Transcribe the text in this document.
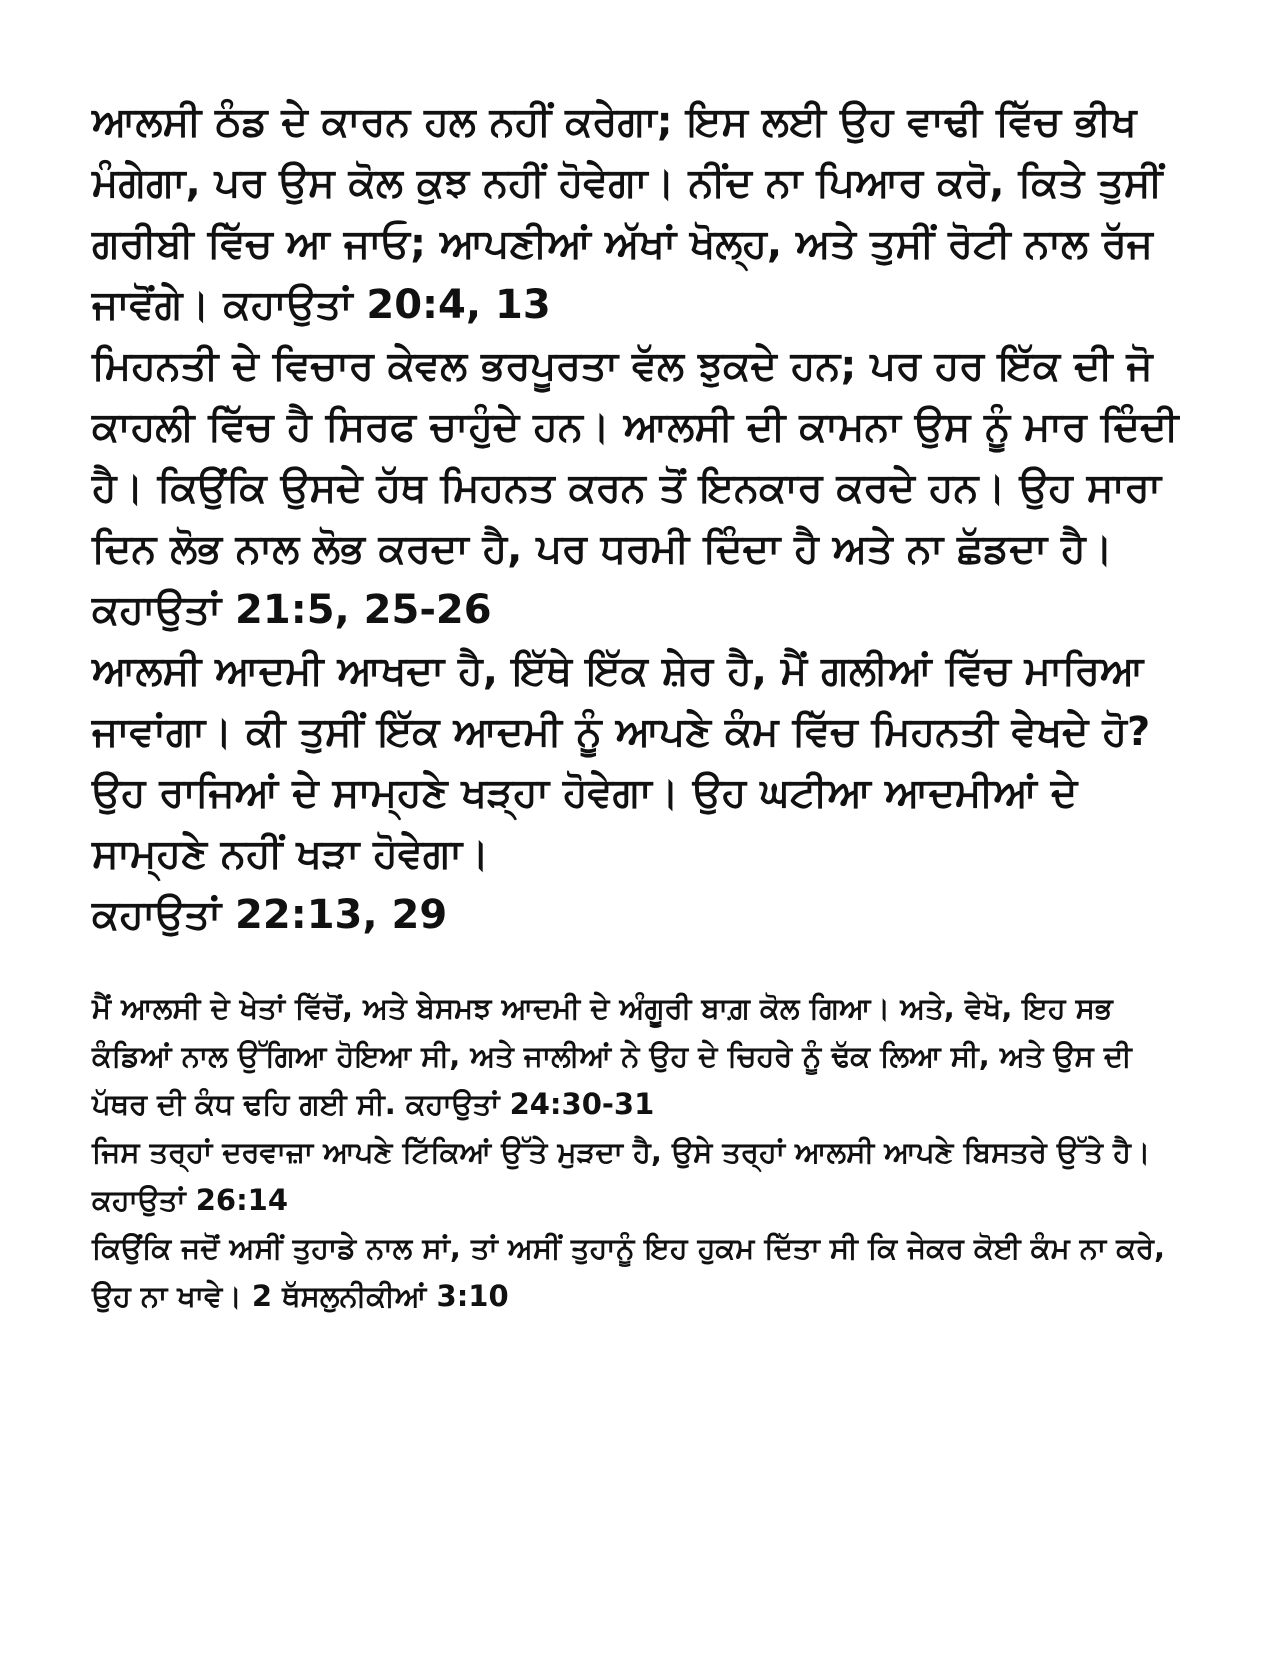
ਆਲਸੀ ਠੰਡ ਦੇ ਕਾਰਨ ਹਲ ਨਹੀਂ ਕਰੇਗਾ; ਇਸ ਲਈ ਉਹ ਵਾਢੀ ਵਿੱਚ ਭੀਖ ਮੰਗੇਗਾ, ਪਰ ਉਸ ਕੋਲ ਕੁਝ ਨਹੀਂ ਹੋਵੇਗਾ। ਨੀਂਦ ਨਾ ਪਿਆਰ ਕਰੋ, ਕਿਤੇ ਤੁਸੀਂ ਗਰੀਬੀ ਵਿੱਚ ਆ ਜਾਓ; ਆਪਣੀਆਂ ਅੱਖਾਂ ਖੋਲ੍ਹ, ਅਤੇ ਤੁਸੀਂ ਰੋਟੀ ਨਾਲ ਰੱਜ ਜਾਵੋਂਗੇ। ਕਹਾਉਤਾਂ 20:4, 13

ਮਿਹਨਤੀ ਦੇ ਵਿਚਾਰ ਕੇਵਲ ਭਰਪੂਰਤਾ ਵੱਲ ਝੁਕਦੇ ਹਨ; ਪਰ ਹਰ ਇੱਕ ਦੀ ਜੋ ਕਾਹਲੀ ਵਿੱਚ ਹੈ ਸਿਰਫ ਚਾਹੁੰਦੇ ਹਨ। ਆਲਸੀ ਦੀ ਕਾਮਨਾ ਉਸ ਨੂੰ ਮਾਰ ਦਿੰਦੀ ਹੈ। ਕਿਉਂਕਿ ਉਸਦੇ ਹੱਥ ਮਿਹਨਤ ਕਰਨ ਤੋਂ ਇਨਕਾਰ ਕਰਦੇ ਹਨ। ਉਹ ਸਾਰਾ ਦਿਨ ਲੋਭ ਨਾਲ ਲੋਭ ਕਰਦਾ ਹੈ, ਪਰ ਧਰਮੀ ਦਿੰਦਾ ਹੈ ਅਤੇ ਨਾ ਛੱਡਦਾ ਹੈ। ਕਹਾਉਤਾਂ 21:5, 25-26

ਆਲਸੀ ਆਦਮੀ ਆਖਦਾ ਹੈ, ਇੱਥੇ ਇੱਕ ਸ਼ੇਰ ਹੈ, ਮੈਂ ਗਲੀਆਂ ਵਿੱਚ ਮਾਰਿਆ ਜਾਵਾਂਗਾ। ਕੀ ਤੁਸੀਂ ਇੱਕ ਆਦਮੀ ਨੂੰ ਆਪਣੇ ਕੰਮ ਵਿੱਚ ਮਿਹਨਤੀ ਵੇਖਦੇ ਹੋ? ਉਹ ਰਾਜਿਆਂ ਦੇ ਸਾਮ੍ਹਣੇ ਖੜ੍ਹਾ ਹੋਵੇਗਾ। ਉਹ ਘਟੀਆ ਆਦਮੀਆਂ ਦੇ ਸਾਮ੍ਹਣੇ ਨਹੀਂ ਖੜਾ ਹੋਵੇਗਾ।
ਕਹਾਉਤਾਂ 22:13, 29

ਮੈਂ ਆਲਸੀ ਦੇ ਖੇਤਾਂ ਵਿੱਚੋਂ, ਅਤੇ ਬੇਸਮਝ ਆਦਮੀ ਦੇ ਅੰਗੂਰੀ ਬਾਗ਼ ਕੋਲ ਗਿਆ। ਅਤੇ, ਵੇਖੋ, ਇਹ ਸਭ ਕੰਡਿਆਂ ਨਾਲ ਉੱਗਿਆ ਹੋਇਆ ਸੀ, ਅਤੇ ਜਾਲੀਆਂ ਨੇ ਉਹ ਦੇ ਚਿਹਰੇ ਨੂੰ ਢੱਕ ਲਿਆ ਸੀ, ਅਤੇ ਉਸ ਦੀ ਪੱਥਰ ਦੀ ਕੰਧ ਢਹਿ ਗਈ ਸੀ. ਕਹਾਉਤਾਂ 24:30-31

ਜਿਸ ਤਰ੍ਹਾਂ ਦਰਵਾਜ਼ਾ ਆਪਣੇ ਟਿੱਕਿਆਂ ਉੱਤੇ ਮੁੜਦਾ ਹੈ, ਉਸੇ ਤਰ੍ਹਾਂ ਆਲਸੀ ਆਪਣੇ ਬਿਸਤਰੇ ਉੱਤੇ ਹੈ। ਕਹਾਉਤਾਂ 26:14

ਕਿਉਂਕਿ ਜਦੋਂ ਅਸੀਂ ਤੁਹਾਡੇ ਨਾਲ ਸਾਂ, ਤਾਂ ਅਸੀਂ ਤੁਹਾਨੂੰ ਇਹ ਹੁਕਮ ਦਿੱਤਾ ਸੀ ਕਿ ਜੇਕਰ ਕੋਈ ਕੰਮ ਨਾ ਕਰੇ, ਉਹ ਨਾ ਖਾਵੇ। 2 ਥੱਸਲੁਨੀਕੀਆਂ 3:10
